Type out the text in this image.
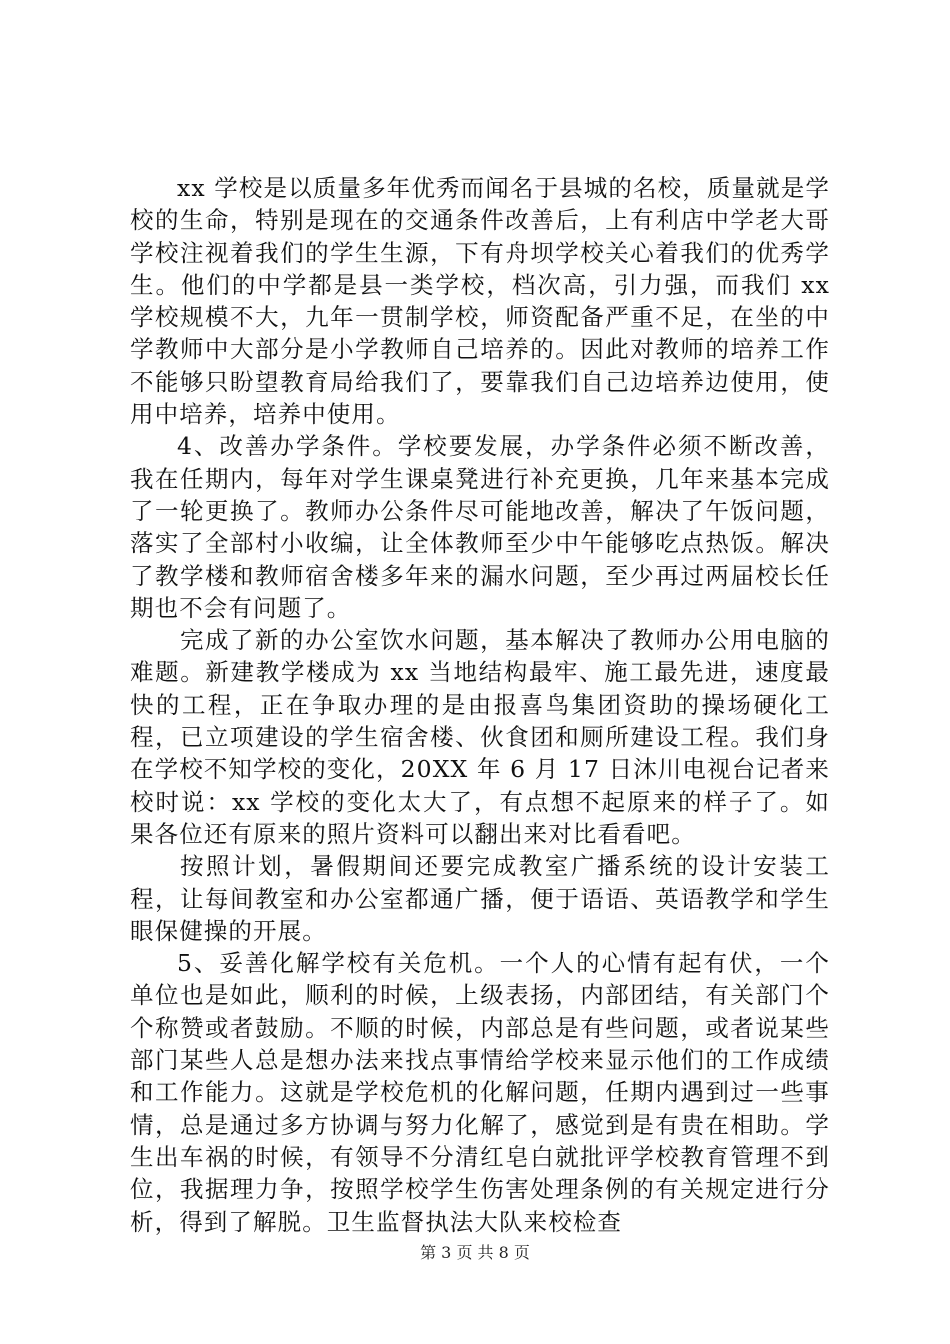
xx 学校是以质量多年优秀而闻名于县城的名校，质量就是学校的生命，特别是现在的交通条件改善后，上有利店中学老大哥学校注视着我们的学生生源，下有舟坝学校关心着我们的优秀学生。他们的中学都是县一类学校，档次高，引力强，而我们 xx 学校规模不大，九年一贯制学校，师资配备严重不足，在坐的中学教师中大部分是小学教师自己培养的。因此对教师的培养工作不能够只盼望教育局给我们了，要靠我们自己边培养边使用，使用中培养，培养中使用。

4、改善办学条件。学校要发展，办学条件必须不断改善，我在任期内，每年对学生课桌凳进行补充更换，几年来基本完成了一轮更换了。教师办公条件尽可能地改善，解决了午饭问题，落实了全部村小收编，让全体教师至少中午能够吃点热饭。解决了教学楼和教师宿舍楼多年来的漏水问题，至少再过两届校长任期也不会有问题了。

完成了新的办公室饮水问题，基本解决了教师办公用电脑的难题。新建教学楼成为 xx 当地结构最牢、施工最先进，速度最快的工程，正在争取办理的是由报喜鸟集团资助的操场硬化工程，已立项建设的学生宿舍楼、伙食团和厕所建设工程。我们身在学校不知学校的变化，20XX 年 6 月 17 日沐川电视台记者来校时说：xx 学校的变化太大了，有点想不起原来的样子了。如果各位还有原来的照片资料可以翻出来对比看看吧。

按照计划，暑假期间还要完成教室广播系统的设计安装工程，让每间教室和办公室都通广播，便于语语、英语教学和学生眼保健操的开展。

5、妥善化解学校有关危机。一个人的心情有起有伏，一个单位也是如此，顺利的时候，上级表扬，内部团结，有关部门个个称赞或者鼓励。不顺的时候，内部总是有些问题，或者说某些部门某些人总是想办法来找点事情给学校来显示他们的工作成绩和工作能力。这就是学校危机的化解问题，任期内遇到过一些事情，总是通过多方协调与努力化解了，感觉到是有贵在相助。学生出车祸的时候，有领导不分清红皂白就批评学校教育管理不到位，我据理力争，按照学校学生伤害处理条例的有关规定进行分析，得到了解脱。卫生监督执法大队来校检查

第 3 页 共 8 页
